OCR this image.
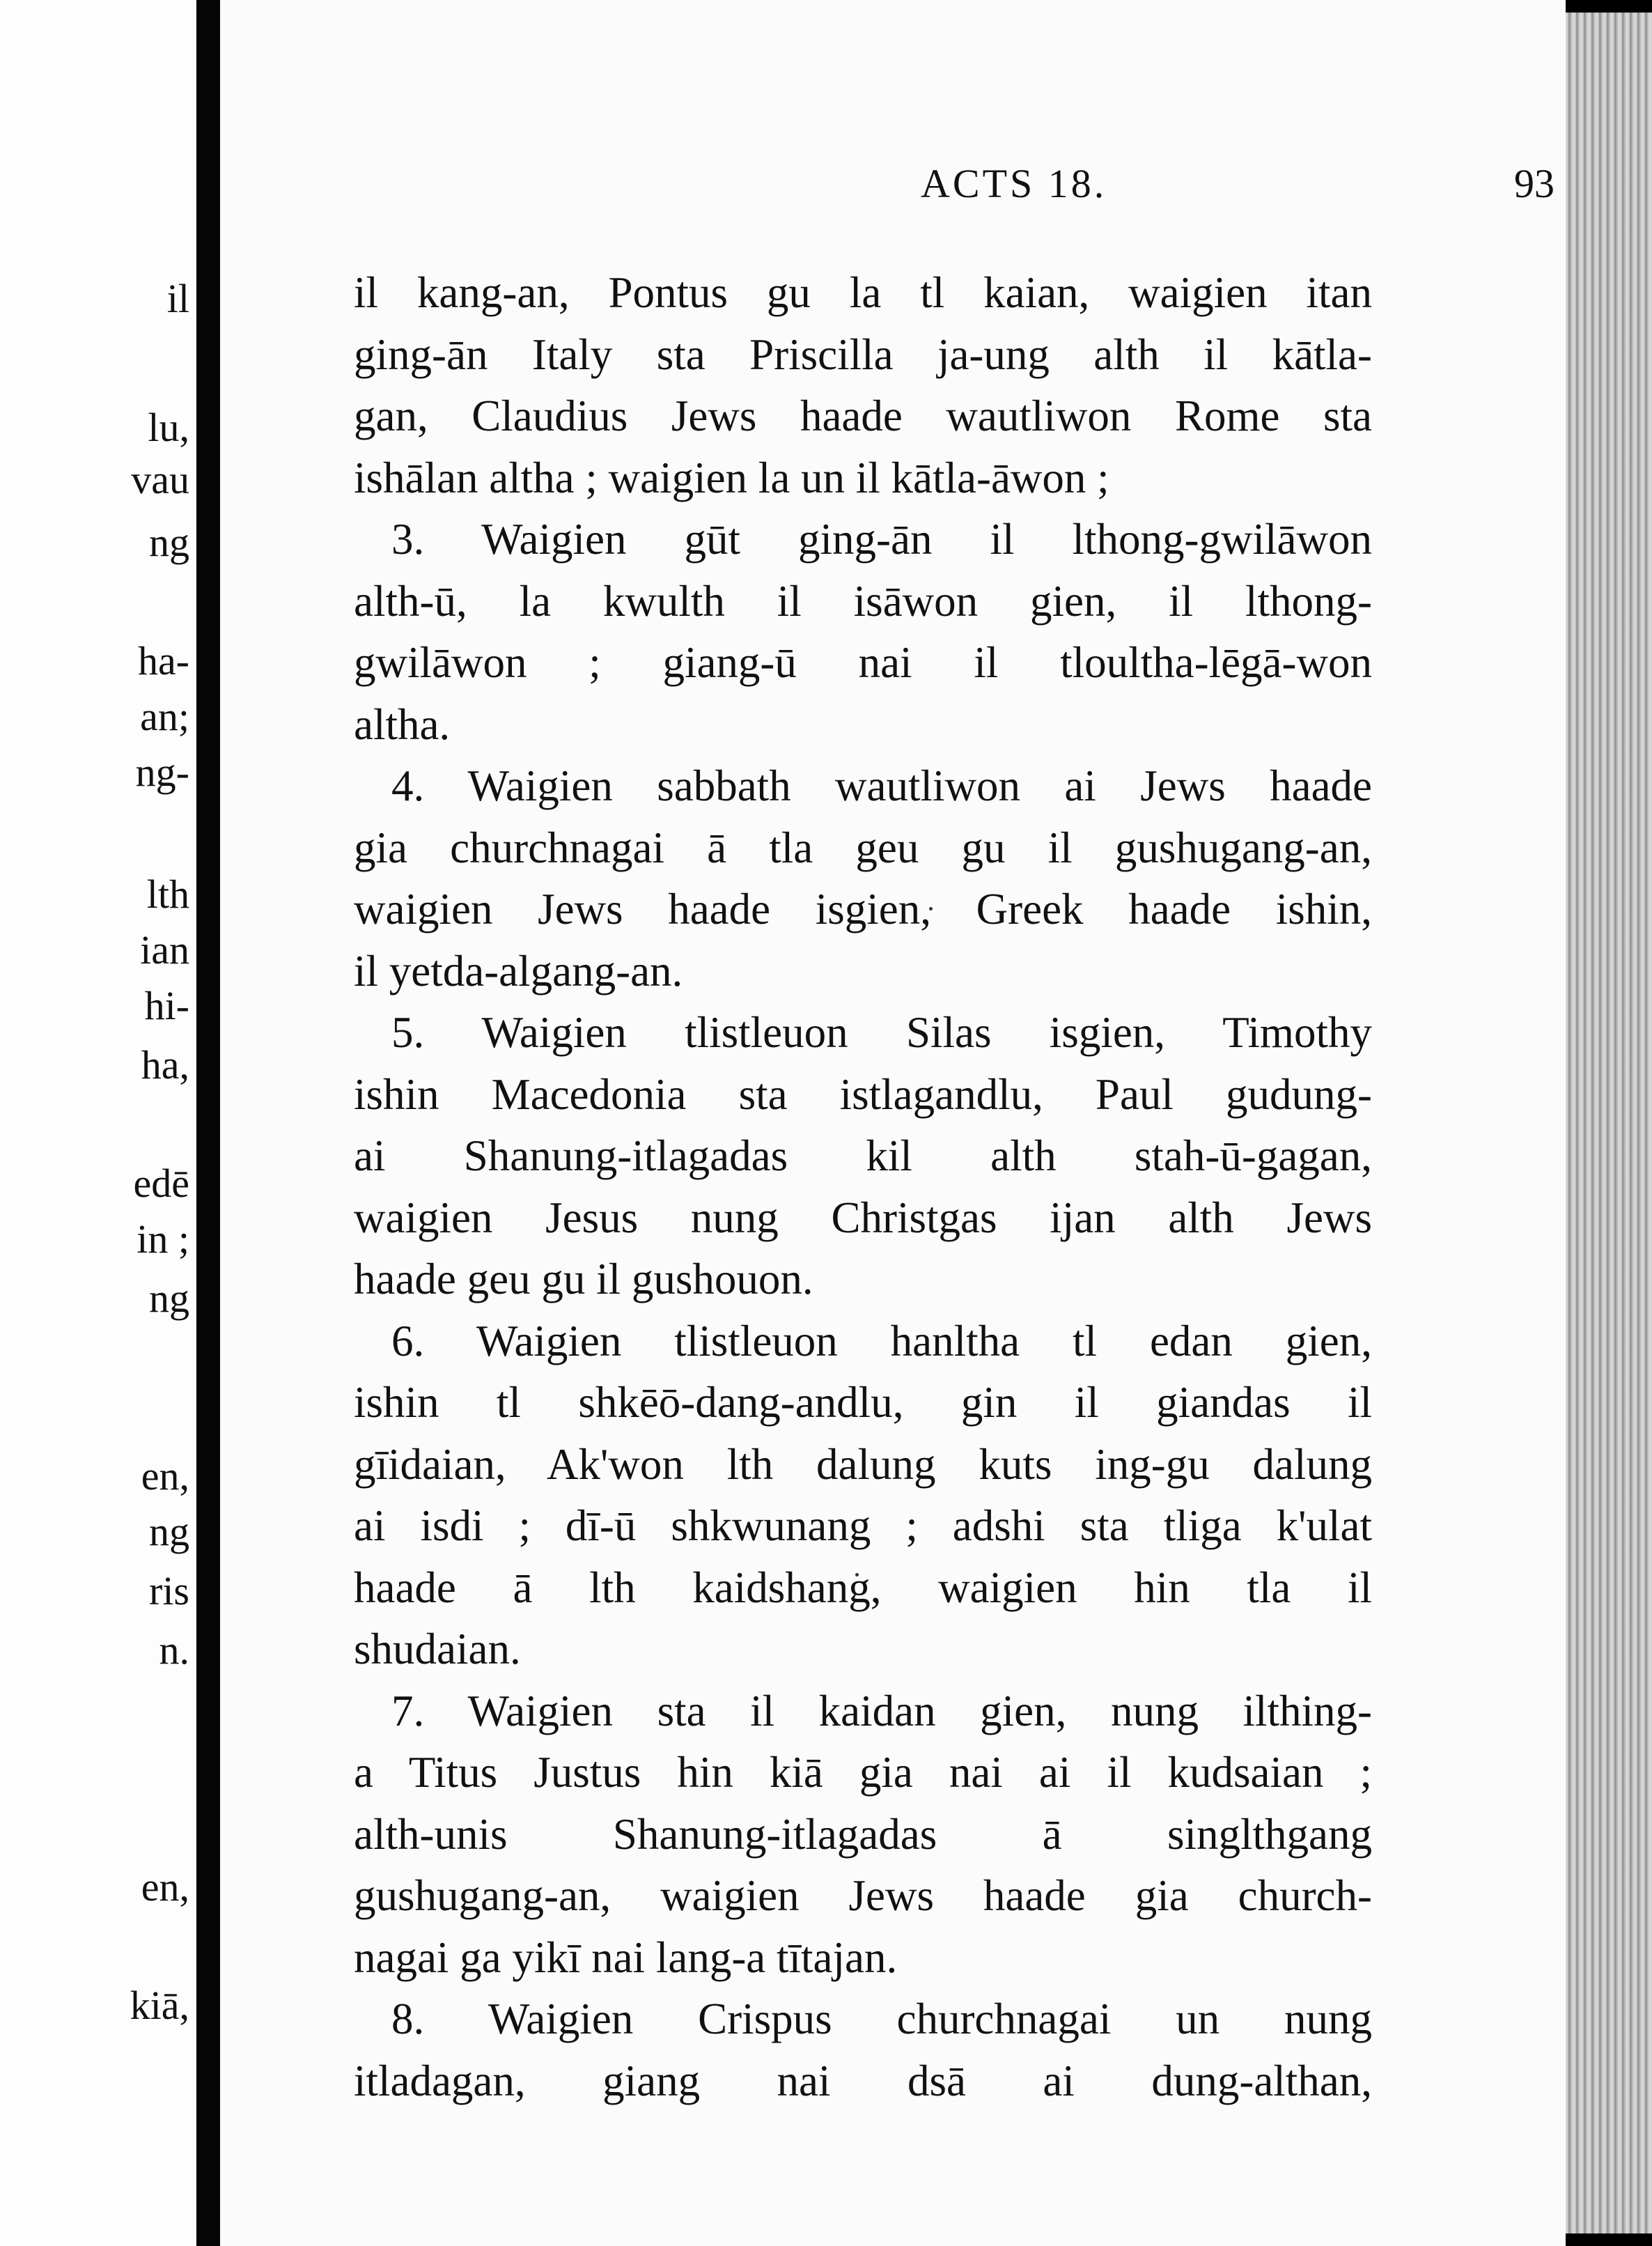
il
lu,
vau
ng
ha-
an;
ng-
lth
ian
hi-
ha,
edē
in ;
ng
en,
ng
ris
n.
en,
kiā,
ACTS 18.	93
il kang-an, Pontus gu la tl kaian, waigien itan
ging-ān Italy sta Priscilla ja-ung alth il kātla-
gan, Claudius Jews haade wautliwon Rome sta
ishālan altha ; waigien la un il kātla-āwon ;
3. Waigien gūt ging-ān il lthong-gwilāwon
alth-ū, la kwulth il isāwon gien, il lthong-
gwilāwon ; giang-ū nai il tloultha-lēgā-won
altha.
4. Waigien sabbath wautliwon ai Jews haade
gia churchnagai ā tla geu gu il gushugang-an,
waigien Jews haade isgien, Greek haade ishin,
il yetda-algang-an.
5. Waigien tlistleuon Silas isgien, Timothy
ishin Macedonia sta istlagandlu, Paul gudung-
ai Shanung-itlagadas kil alth stah-ū-gagan,
waigien Jesus nung Christgas ijan alth Jews
haade geu gu il gushouon.
6. Waigien tlistleuon hanltha tl edan gien,
ishin tl shkēō-dang-andlu, gin il giandas il
gīidaian, Ak'won lth dalung kuts ing-gu dalung
ai isdi ; dī-ū shkwunang ; adshi sta tliga k'ulat
haade ā lth kaidshang, waigien hin tla il
shudaian.
7. Waigien sta il kaidan gien, nung ilthing-
a Titus Justus hin kiā gia nai ai il kudsaian ;
alth-unis Shanung-itlagadas ā singlthgang
gushugang-an, waigien Jews haade gia church-
nagai ga yikī nai lang-a tītajan.
8. Waigien Crispus churchnagai un nung
itladagan, giang nai dsā ai dung-althan,
